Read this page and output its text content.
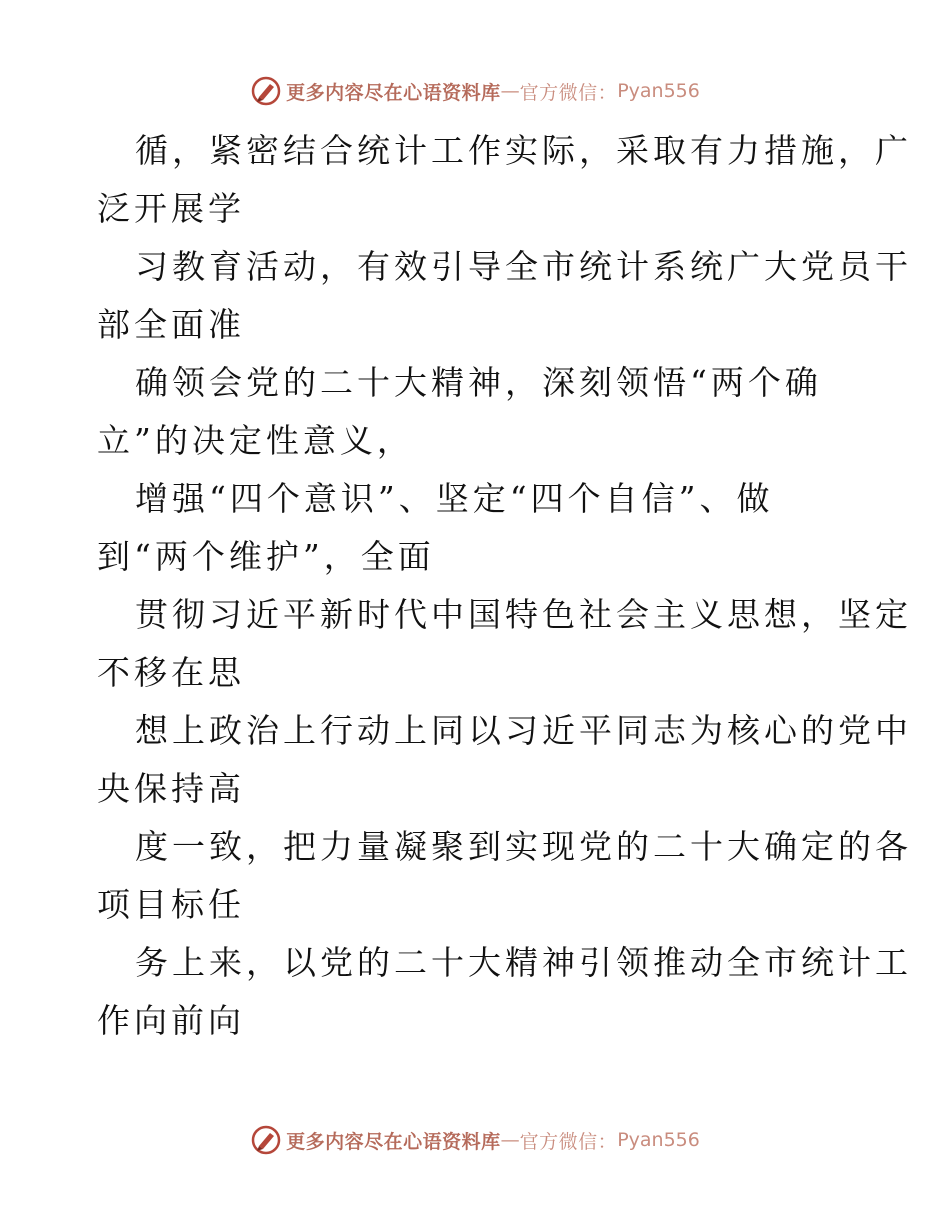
更多内容尽在心语资料库 — 官方微信： Pyan556
循，紧密结合统计工作实际，采取有力措施，广
泛开展学
习教育活动，有效引导全市统计系统广大党员干
部全面准
确领会党的二十大精神，深刻领悟“两个确
立”的决定性意义，
增强“四个意识”、坚定“四个自信”、做
到“两个维护”，全面
贯彻习近平新时代中国特色社会主义思想，坚定
不移在思
想上政治上行动上同以习近平同志为核心的党中
央保持高
度一致，把力量凝聚到实现党的二十大确定的各
项目标任
务上来，以党的二十大精神引领推动全市统计工
作向前向
更多内容尽在心语资料库 — 官方微信： Pyan556
